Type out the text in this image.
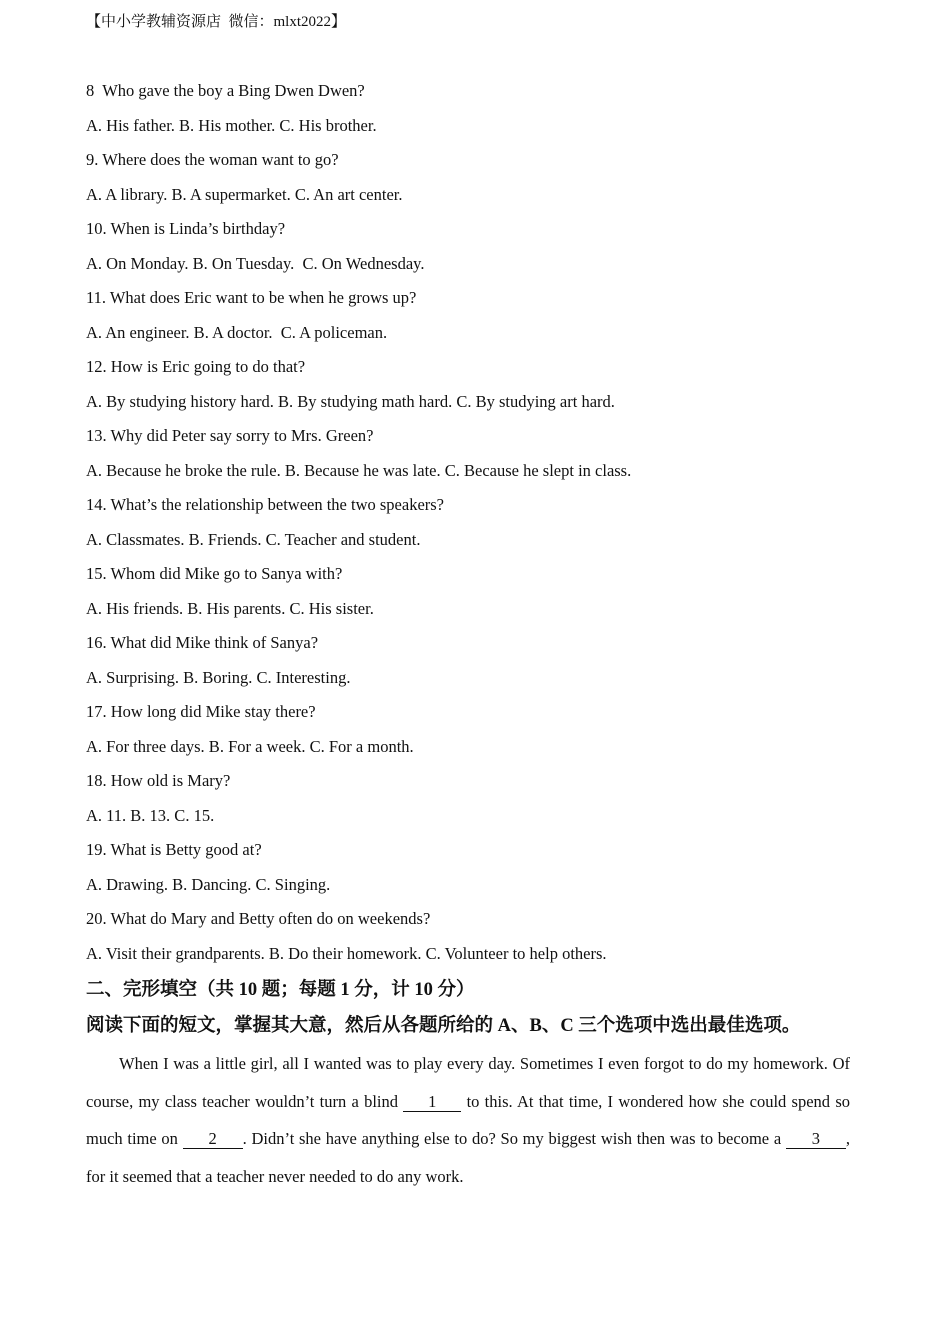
【中小学教辅资源店  微信：mlxt2022】
8  Who gave the boy a Bing Dwen Dwen?
A. His father. B. His mother. C. His brother.
9. Where does the woman want to go?
A. A library. B. A supermarket. C. An art center.
10. When is Linda’s birthday?
A. On Monday. B. On Tuesday.  C. On Wednesday.
11. What does Eric want to be when he grows up?
A. An engineer. B. A doctor.  C. A policeman.
12. How is Eric going to do that?
A. By studying history hard. B. By studying math hard. C. By studying art hard.
13. Why did Peter say sorry to Mrs. Green?
A. Because he broke the rule. B. Because he was late. C. Because he slept in class.
14. What’s the relationship between the two speakers?
A. Classmates. B. Friends. C. Teacher and student.
15. Whom did Mike go to Sanya with?
A. His friends. B. His parents. C. His sister.
16. What did Mike think of Sanya?
A. Surprising. B. Boring. C. Interesting.
17. How long did Mike stay there?
A. For three days. B. For a week. C. For a month.
18. How old is Mary?
A. 11. B. 13. C. 15.
19. What is Betty good at?
A. Drawing. B. Dancing. C. Singing.
20. What do Mary and Betty often do on weekends?
A. Visit their grandparents. B. Do their homework. C. Volunteer to help others.
二、完形填空（共 10 题；每题 1 分，计 10 分）
阅读下面的短文，掌握其大意，然后从各题所给的 A、B、C 三个选项中选出最佳选项。
When I was a little girl, all I wanted was to play every day. Sometimes I even forgot to do my homework. Of course, my class teacher wouldn’t turn a blind 1 to this. At that time, I wondered how she could spend so much time on 2 . Didn’t she have anything else to do? So my biggest wish then was to become a 3 , for it seemed that a teacher never needed to do any work.
